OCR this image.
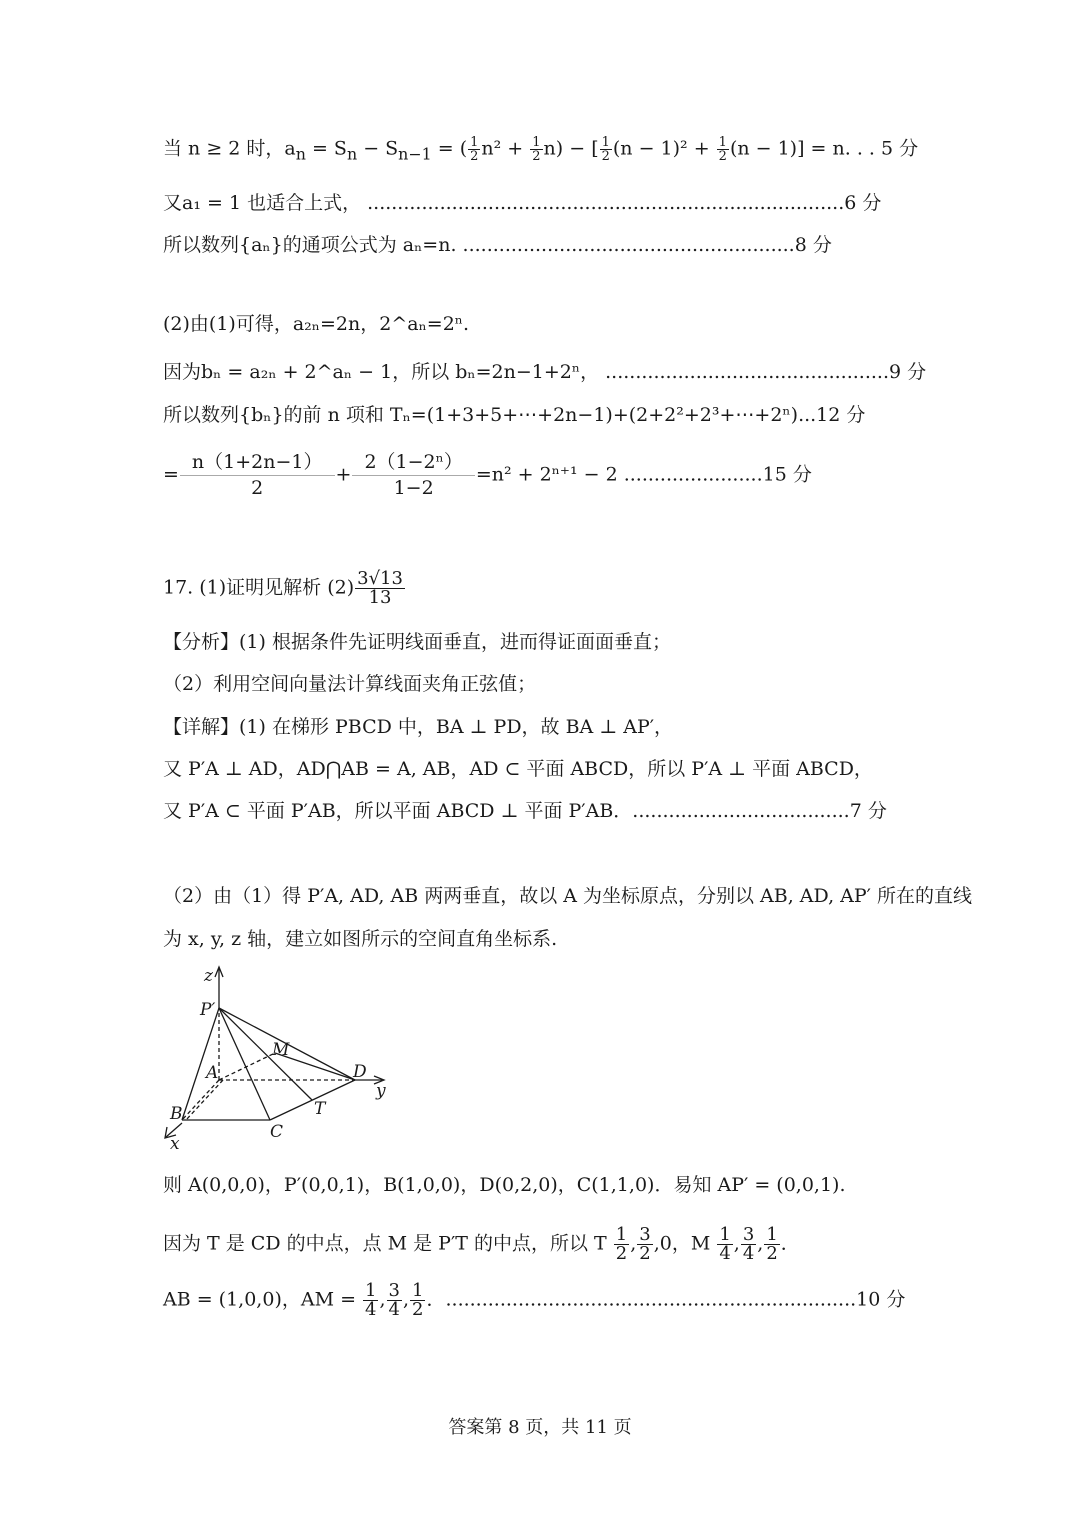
当 n ≥ 2 时，$a_n = S_n - S_{n-1}$ = ( $\frac{1}{2} n^2 + \frac{1}{2} n$) − [ $\frac{1}{2} (n - 1)^2 + \frac{1}{2} (n - 1)] = n$. . . 5 分
又a₁ = 1 也适合上式， ...............................................................................6 分
所以数列{aₙ}的通项公式为 aₙ=n. .......................................................8 分
(2)由(1)可得，a₂ₙ=2n，2^aₙ=2ⁿ.
因为bₙ = a₂ₙ + 2^aₙ − 1，所以 bₙ=2n−1+2ⁿ， ...............................................9 分
所以数列{bₙ}的前 n 项和 Tₙ=(1+3+5+⋯+2n−1)+(2+2²+2³+⋯+2ⁿ)...12 分
= $\frac{n(1+2n-1)}{2} + \frac{\text{2（1−2ⁿ）}}{1-2} =n^2 + 2^{n+1} - 2$ .......................15 分
17. (1)证明见解析 $(2) \frac{3√13}{13}$
【分析】(1) 根据条件先证明线面垂直，进而得证面面垂直；
（2）利用空间向量法计算线面夹角正弦值；
【详解】(1) 在梯形 PBCD 中，BA ⊥ PD，故 BA ⊥ AP′，
又 P′A ⊥ AD，AD⋂AB = A, AB，AD ⊂ 平面 ABCD，所以 P′A ⊥ 平面 ABCD，
又 P′A ⊂ 平面 P′AB，所以平面 ABCD ⊥ 平面 P′AB．....................................7 分
（2）由（1）得 P′A, AD, AB 两两垂直，故以 A 为坐标原点，分别以 AB, AD, AP′ 所在的直线
为 x, y, z 轴，建立如图所示的空间直角坐标系.
z
P′
M
A	D
y
T
B
C
x
则 A(0,0,0)，P′(0,0,1)，B(1,0,0)，D(0,2,0)，C(1,1,0)．易知 AP′ = (0,0,1).
因为 T 是 CD 的中点，点 M 是 P′T 的中点，所以 T $\frac{1}{2}$ , $\frac{3}{2} ,0$，M $\frac{1}{4}$ , $\frac{3}{4}$ , $\frac{1}{2}$ ．
AB = (1,0,0)，AM = $\frac{1}{4}$ , $\frac{3}{4}$ , $\frac{1}{2}$ ．....................................................................10 分
答案第 8 页，共 11 页
